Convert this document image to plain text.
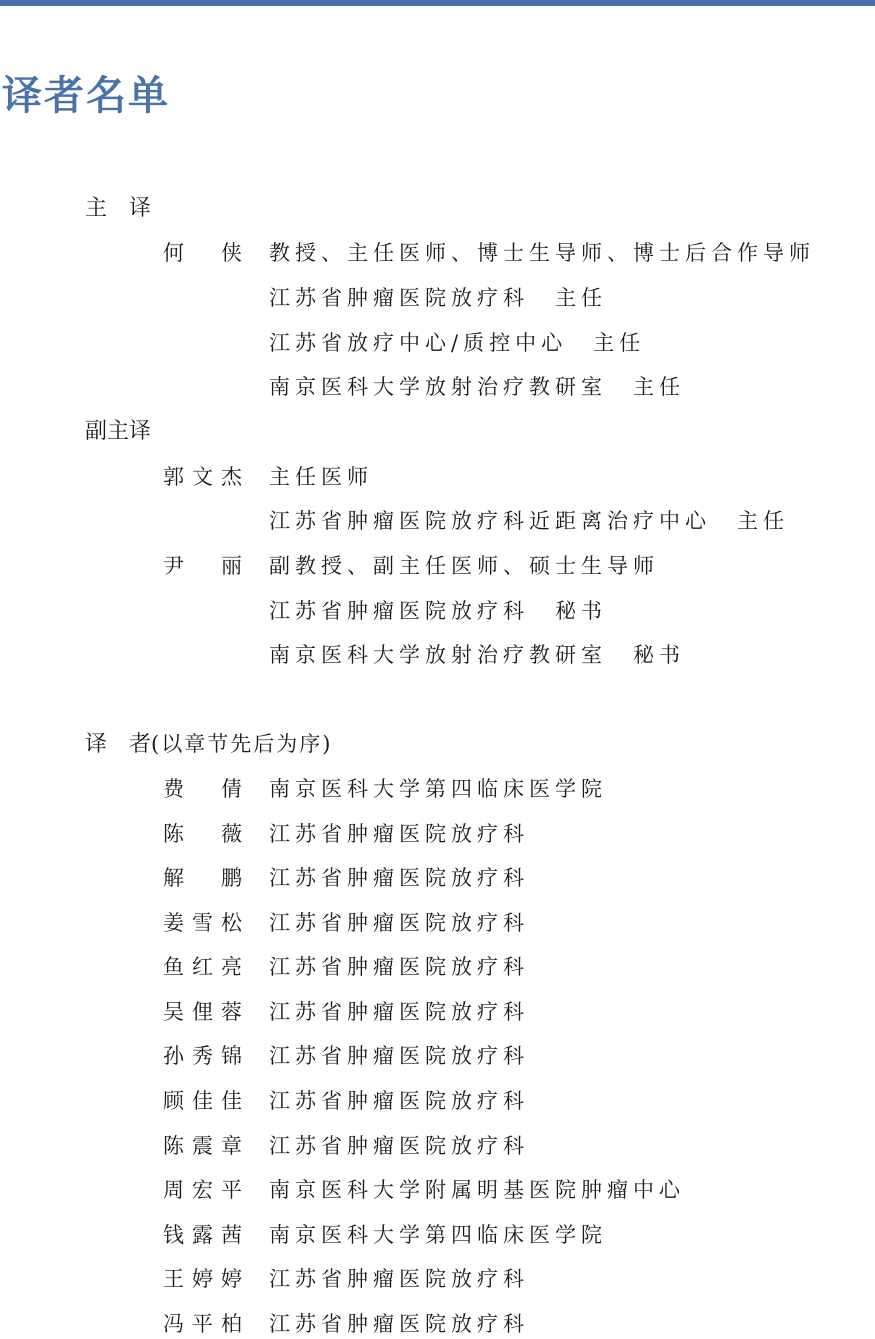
译者名单
主　译
何　侠 教授、主任医师、博士生导师、博士后合作导师
江苏省肿瘤医院放疗科　主任
江苏省放疗中心/质控中心　主任
南京医科大学放射治疗教研室　主任
副主译
郭文杰 主任医师
江苏省肿瘤医院放疗科近距离治疗中心　主任
尹　丽 副教授、副主任医师、硕士生导师
江苏省肿瘤医院放疗科　秘书
南京医科大学放射治疗教研室　秘书
译　者(以章节先后为序)
费　倩 南京医科大学第四临床医学院
陈　薇 江苏省肿瘤医院放疗科
解　鹏 江苏省肿瘤医院放疗科
姜雪松 江苏省肿瘤医院放疗科
鱼红亮 江苏省肿瘤医院放疗科
吴俚蓉 江苏省肿瘤医院放疗科
孙秀锦 江苏省肿瘤医院放疗科
顾佳佳 江苏省肿瘤医院放疗科
陈震章 江苏省肿瘤医院放疗科
周宏平 南京医科大学附属明基医院肿瘤中心
钱露茜 南京医科大学第四临床医学院
王婷婷 江苏省肿瘤医院放疗科
冯平柏 江苏省肿瘤医院放疗科
